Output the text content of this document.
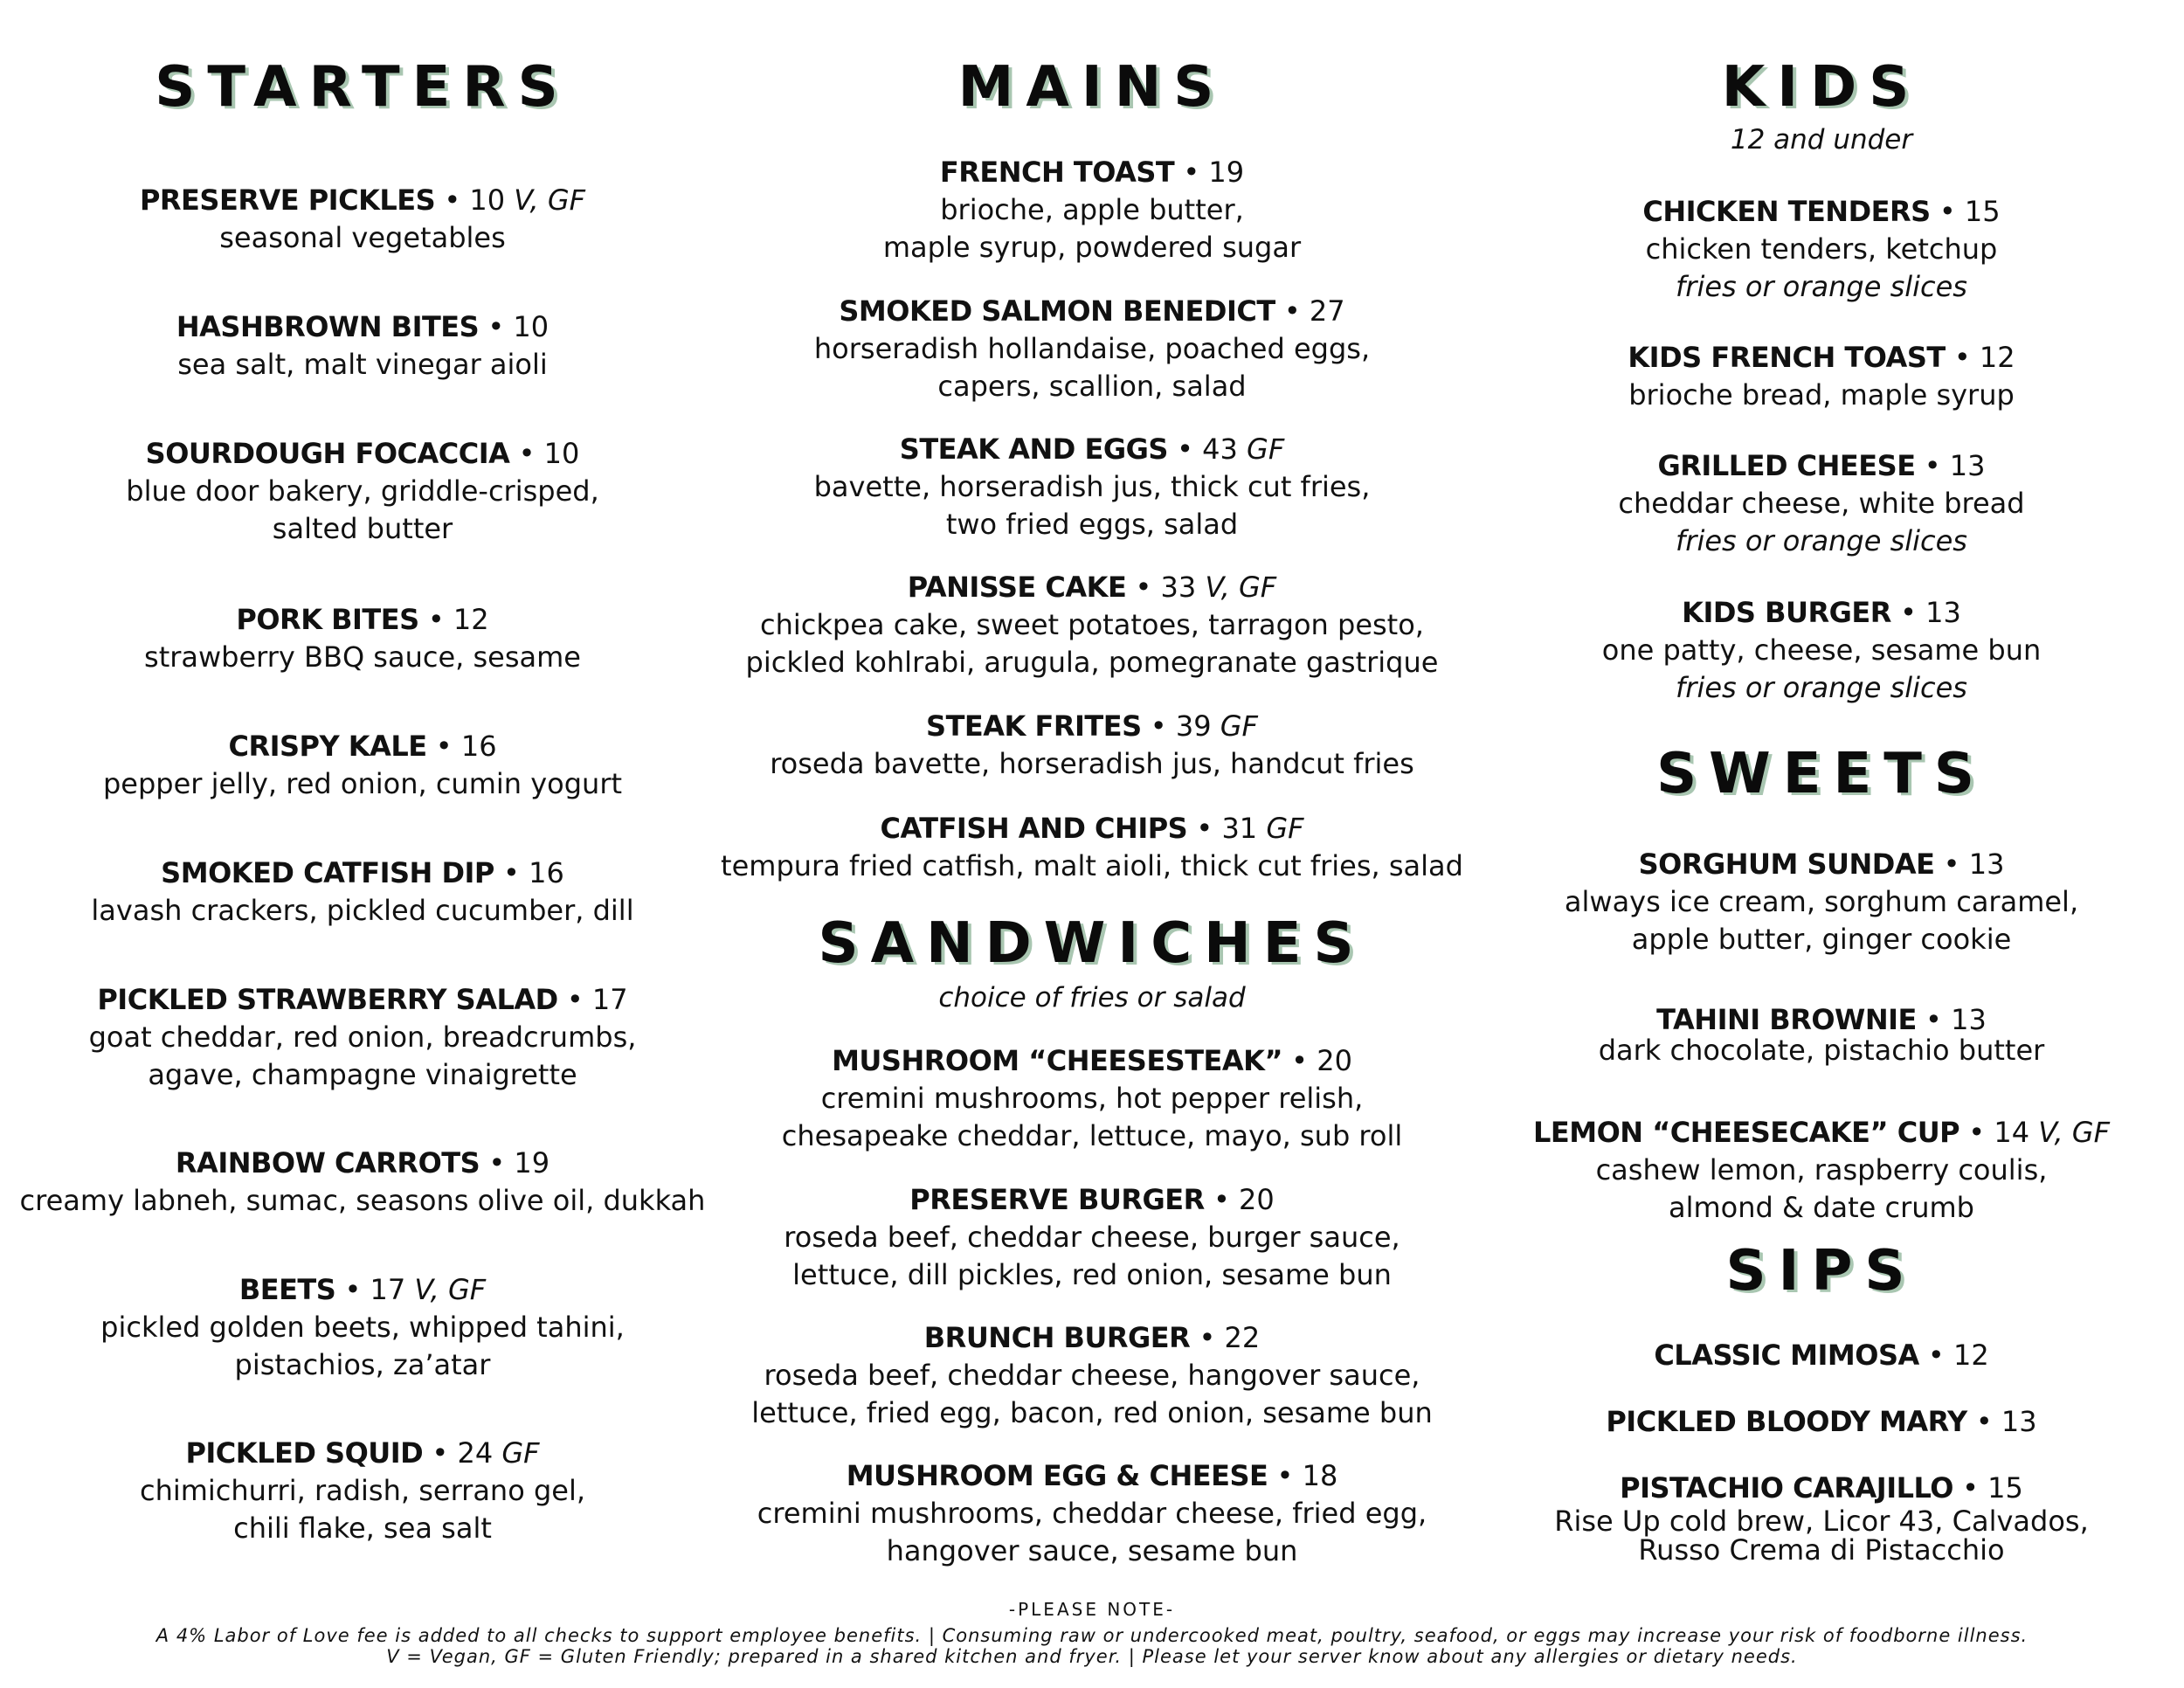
STARTERS
PRESERVE PICKLES • 10 V, GF
seasonal vegetables
HASHBROWN BITES • 10
sea salt, malt vinegar aioli
SOURDOUGH FOCACCIA • 10
blue door bakery, griddle-crisped,
salted butter
PORK BITES • 12
strawberry BBQ sauce, sesame
CRISPY KALE • 16
pepper jelly, red onion, cumin yogurt
SMOKED CATFISH DIP • 16
lavash crackers, pickled cucumber, dill
PICKLED STRAWBERRY SALAD • 17
goat cheddar, red onion, breadcrumbs,
agave, champagne vinaigrette
RAINBOW CARROTS • 19
creamy labneh, sumac, seasons olive oil, dukkah
BEETS • 17 V, GF
pickled golden beets, whipped tahini,
pistachios, za’atar
PICKLED SQUID • 24 GF
chimichurri, radish, serrano gel,
chili flake, sea salt
MAINS
FRENCH TOAST • 19
brioche, apple butter,
maple syrup, powdered sugar
SMOKED SALMON BENEDICT • 27
horseradish hollandaise, poached eggs,
capers, scallion, salad
STEAK AND EGGS • 43 GF
bavette, horseradish jus, thick cut fries,
two fried eggs, salad
PANISSE CAKE • 33 V, GF
chickpea cake, sweet potatoes, tarragon pesto,
pickled kohlrabi, arugula, pomegranate gastrique
STEAK FRITES • 39 GF
roseda bavette, horseradish jus, handcut fries
CATFISH AND CHIPS • 31 GF
tempura fried catfish, malt aioli, thick cut fries, salad
SANDWICHES
choice of fries or salad
MUSHROOM “CHEESESTEAK” • 20
cremini mushrooms, hot pepper relish,
chesapeake cheddar, lettuce, mayo, sub roll
PRESERVE BURGER • 20
roseda beef, cheddar cheese, burger sauce,
lettuce, dill pickles, red onion, sesame bun
BRUNCH BURGER • 22
roseda beef, cheddar cheese, hangover sauce,
lettuce, fried egg, bacon, red onion, sesame bun
MUSHROOM EGG & CHEESE • 18
cremini mushrooms, cheddar cheese, fried egg,
hangover sauce, sesame bun
KIDS
12 and under
CHICKEN TENDERS • 15
chicken tenders, ketchup
fries or orange slices
KIDS FRENCH TOAST • 12
brioche bread, maple syrup
GRILLED CHEESE • 13
cheddar cheese, white bread
fries or orange slices
KIDS BURGER • 13
one patty, cheese, sesame bun
fries or orange slices
SWEETS
SORGHUM SUNDAE • 13
always ice cream, sorghum caramel,
apple butter, ginger cookie
TAHINI BROWNIE • 13
dark chocolate, pistachio butter
LEMON “CHEESECAKE” CUP • 14 V, GF
cashew lemon, raspberry coulis,
almond & date crumb
SIPS
CLASSIC MIMOSA • 12
PICKLED BLOODY MARY • 13
PISTACHIO CARAJILLO • 15
Rise Up cold brew, Licor 43, Calvados,
Russo Crema di Pistacchio
-PLEASE NOTE-
A 4% Labor of Love fee is added to all checks to support employee benefits. | Consuming raw or undercooked meat, poultry, seafood, or eggs may increase your risk of foodborne illness.
V = Vegan, GF = Gluten Friendly; prepared in a shared kitchen and fryer. | Please let your server know about any allergies or dietary needs.
